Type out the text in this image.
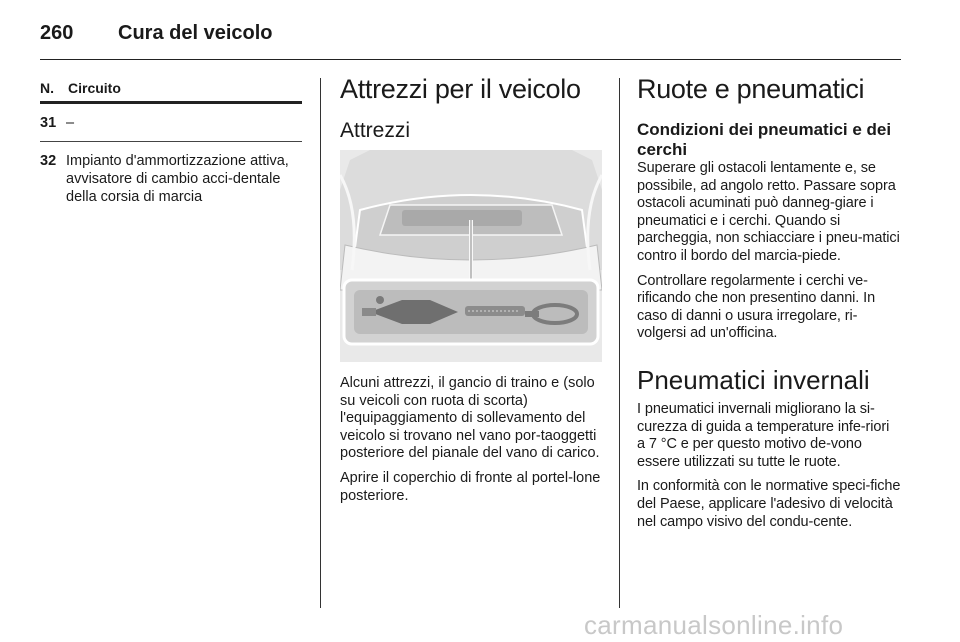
260 Cura del veicolo
N.	Circuito
31 –
32 Impianto d'ammortizzazione attiva, avvisatore di cambio acci-dentale della corsia di marcia
Attrezzi per il veicolo
Attrezzi

Alcuni attrezzi, il gancio di traino e (solo su veicoli con ruota di scorta) l'equipaggiamento di sollevamento del veicolo si trovano nel vano por-taoggetti posteriore del pianale del vano di carico.

Aprire il coperchio di fronte al portel-lone posteriore.

Ruote e pneumatici
Condizioni dei pneumatici e dei cerchi

Superare gli ostacoli lentamente e, se possibile, ad angolo retto. Passare sopra ostacoli acuminati può danneg-giare i pneumatici e i cerchi. Quando si parcheggia, non schiacciare i pneu-matici contro il bordo del marcia-piede.

Controllare regolarmente i cerchi ve-rificando che non presentino danni. In caso di danni o usura irregolare, ri-volgersi ad un'officina.

Pneumatici invernali

I pneumatici invernali migliorano la si-curezza di guida a temperature infe-riori a 7 °C e per questo motivo de-vono essere utilizzati su tutte le ruote.

In conformità con le normative speci-fiche del Paese, applicare l'adesivo di velocità nel campo visivo del condu-cente.

carmanualsonline.info
